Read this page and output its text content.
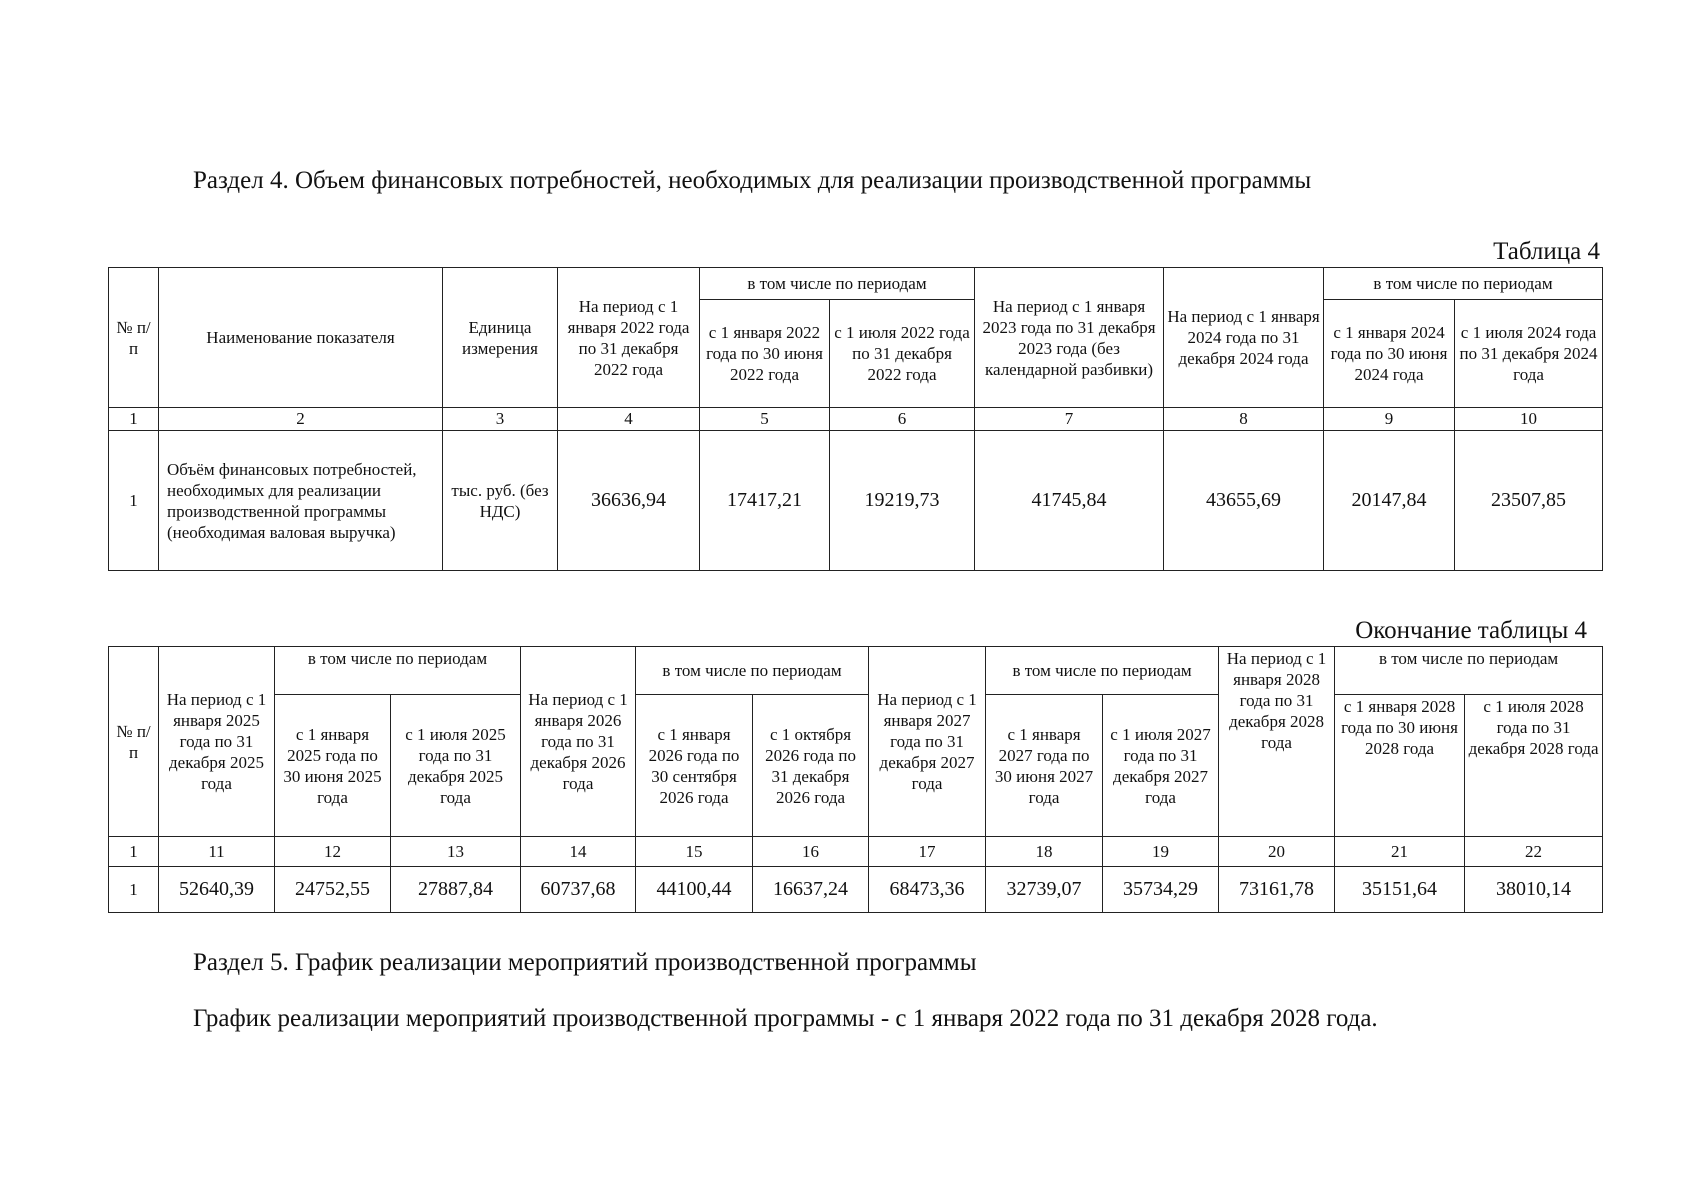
Раздел 4. Объем финансовых потребностей, необходимых для реализации производственной программы
Таблица 4
№ п/п	Наименование показателя	Единица измерения	На период с 1 января 2022 года по 31 декабря 2022 года	в том числе по периодам		На период с 1 января 2023 года по 31 декабря 2023 года (без календарной разбивки)	На период с 1 января 2024 года по 31 декабря 2024 года	в том числе по периодам	
				с 1 января 2022 года по 30 июня 2022 года	с 1 июля 2022 года по 31 декабря 2022 года			с 1 января 2024 года по 30 июня 2024 года	с 1 июля 2024 года по 31 декабря 2024 года
1	2	3	4	5	6	7	8	9	10
1	Объём финансовых потребностей, необходимых для реализации производственной программы (необходимая валовая выручка)	тыс. руб. (без НДС)	36636,94	17417,21	19219,73	41745,84	43655,69	20147,84	23507,85
Окончание таблицы 4
№ п/п	На период с 1 января 2025 года по 31 декабря 2025 года	в том числе по периодам		На период с 1 января 2026 года по 31 декабря 2026 года	в том числе по периодам		На период с 1 января 2027 года по 31 декабря 2027 года	в том числе по периодам		На период с 1 января 2028 года по 31 декабря 2028 года	в том числе по периодам	
		с 1 января 2025 года по 30 июня 2025 года	с 1 июля 2025 года по 31 декабря 2025 года		с 1 января 2026 года по 30 сентября 2026 года	с 1 октября 2026 года по 31 декабря 2026 года		с 1 января 2027 года по 30 июня 2027 года	с 1 июля 2027 года по 31 декабря 2027 года		с 1 января 2028 года по 30 июня 2028 года	с 1 июля 2028 года по 31 декабря 2028 года
1	11	12	13	14	15	16	17	18	19	20	21	22
1	52640,39	24752,55	27887,84	60737,68	44100,44	16637,24	68473,36	32739,07	35734,29	73161,78	35151,64	38010,14
Раздел 5. График реализации мероприятий производственной программы
График реализации мероприятий производственной программы - с 1 января 2022 года по 31 декабря 2028 года.
